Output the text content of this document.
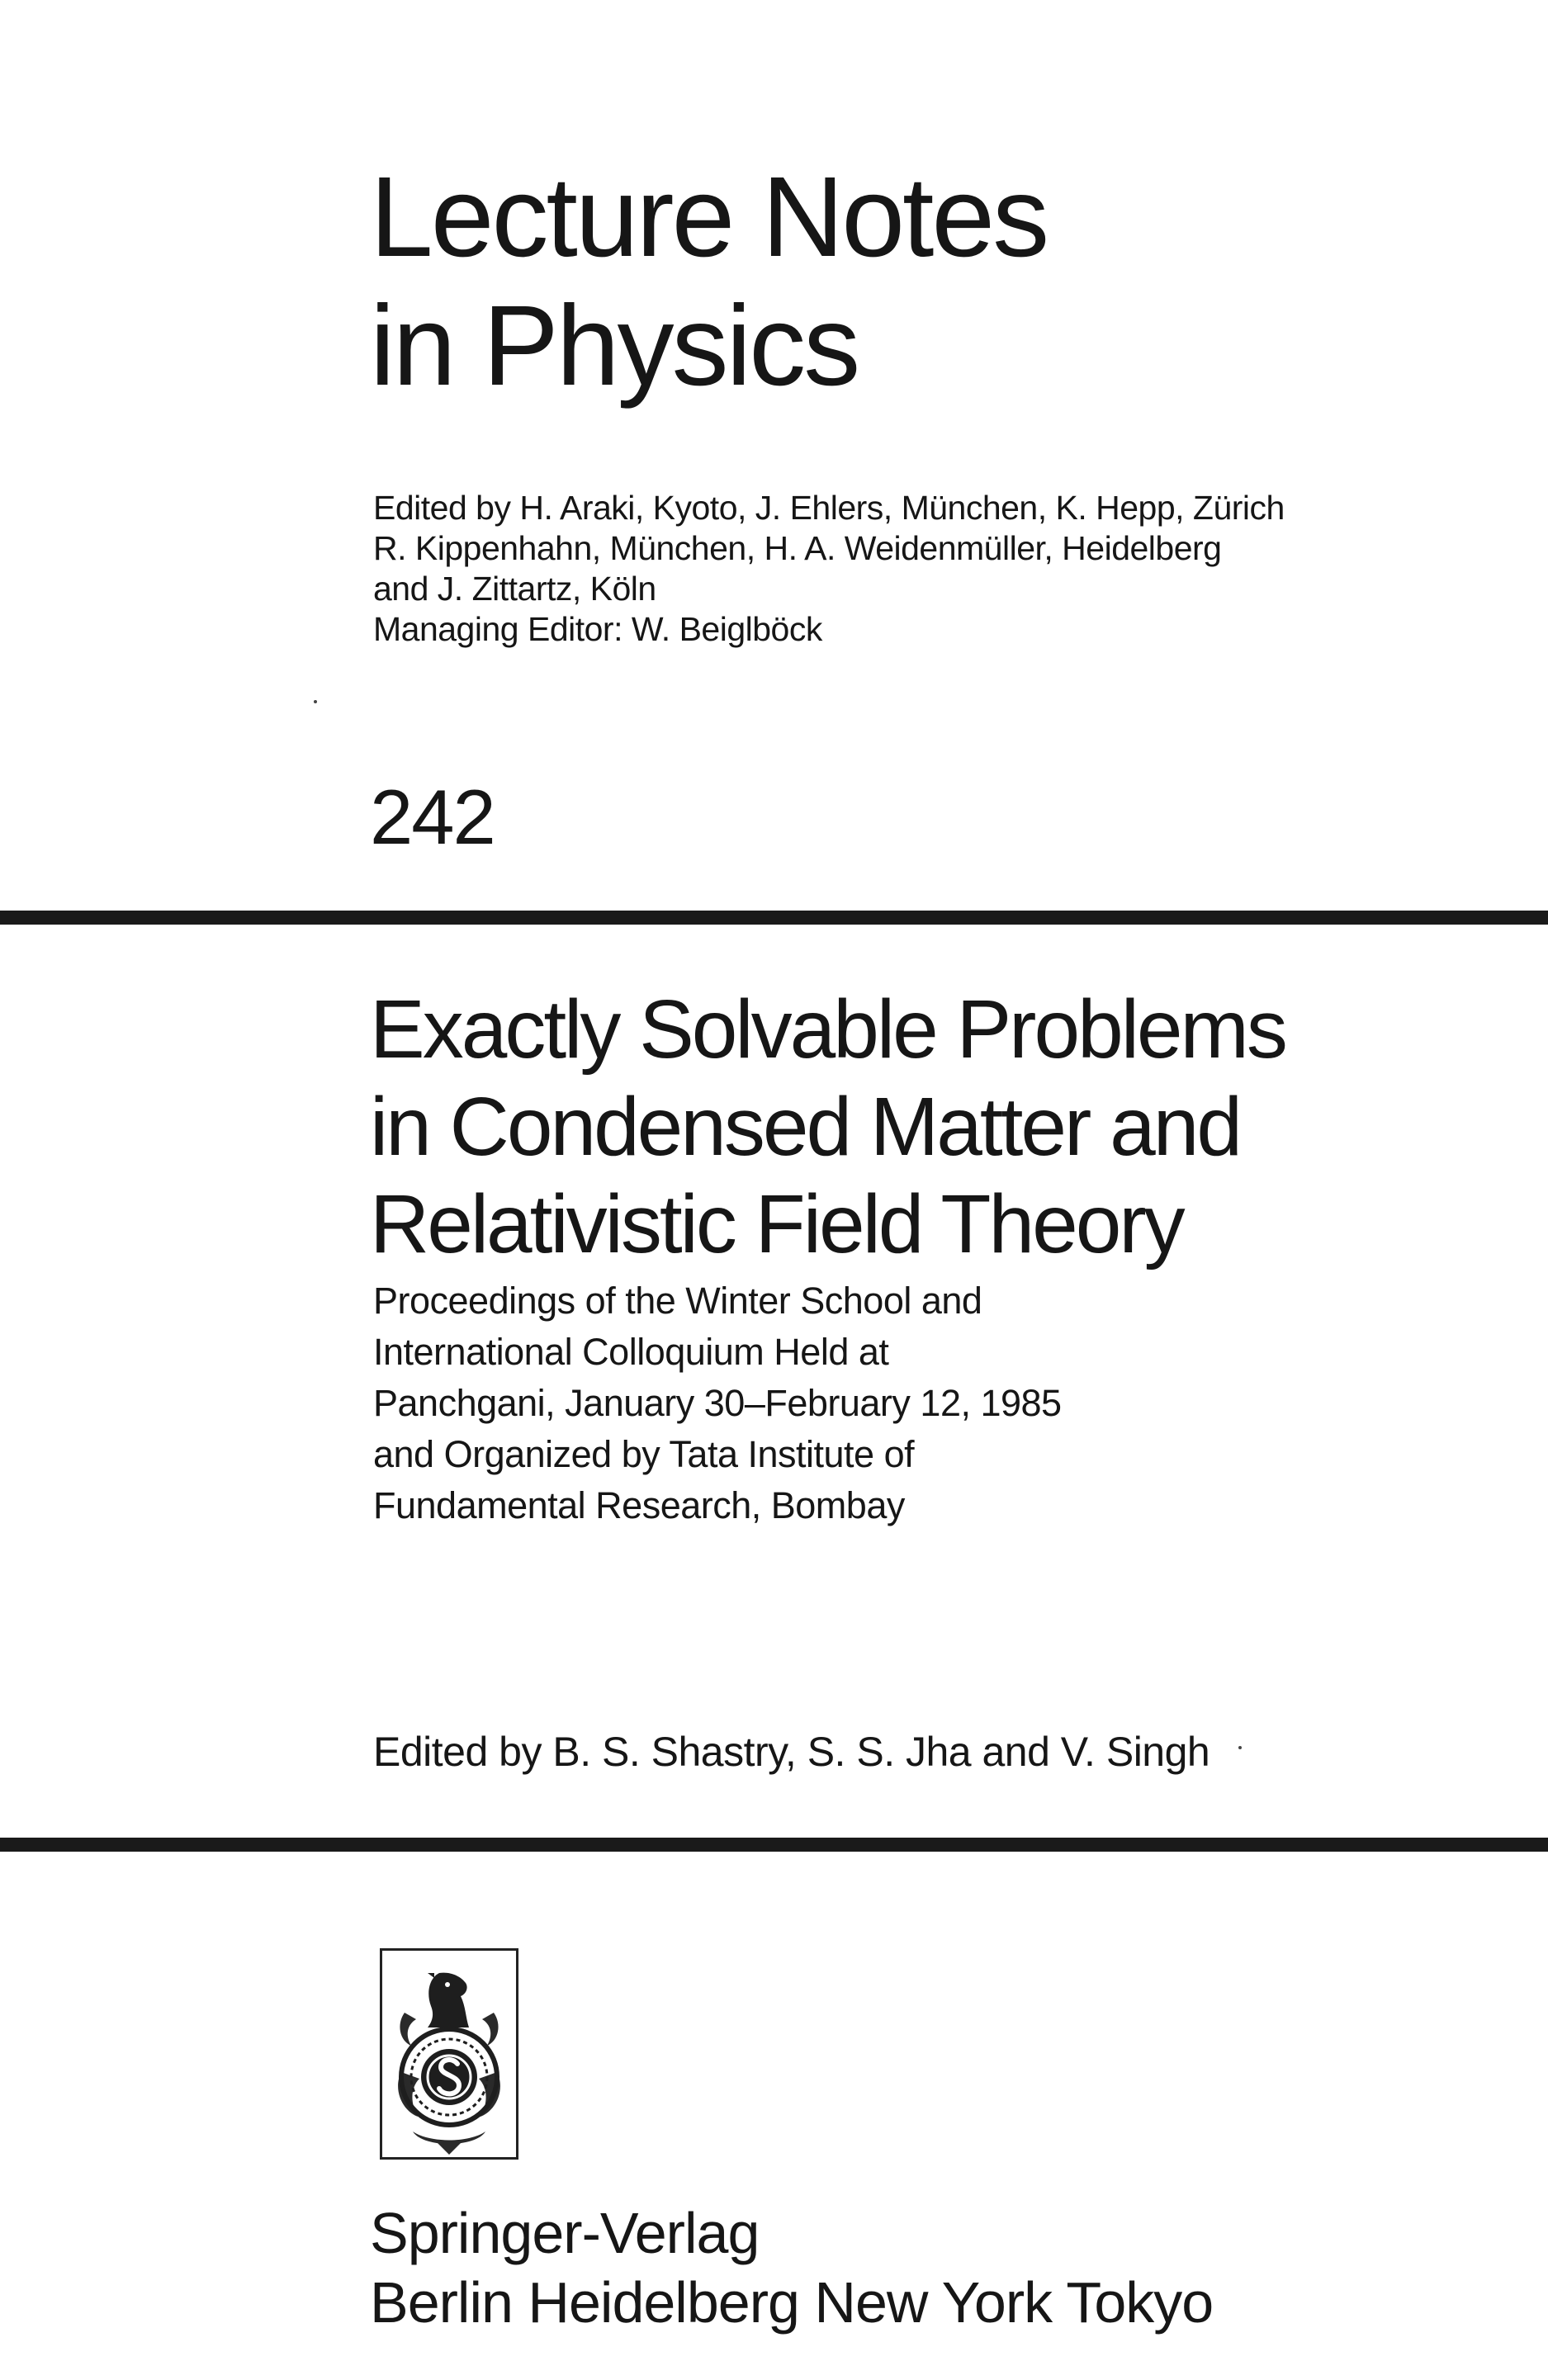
Lecture Notes
in Physics
Edited by H. Araki, Kyoto, J. Ehlers, München, K. Hepp, Zürich
R. Kippenhahn, München, H. A. Weidenmüller, Heidelberg
and J. Zittartz, Köln
Managing Editor: W. Beiglböck
242
Exactly Solvable Problems
in Condensed Matter and
Relativistic Field Theory
Proceedings of the Winter School and
International Colloquium Held at
Panchgani, January 30–February 12, 1985
and Organized by Tata Institute of
Fundamental Research, Bombay
Edited by B. S. Shastry, S. S. Jha and V. Singh
Springer-Verlag
Berlin Heidelberg New York Tokyo
